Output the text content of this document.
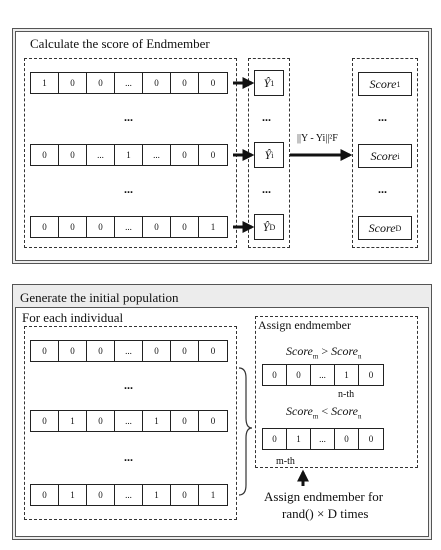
Calculate the score of Endmember
1	0	0	...	0	0	0
...
0	0	...	1	...	0	0
...
0	0	0	...	0	0	1
Ŷ 1
...
Ŷ i
...
Ŷ D
||Y - Yi||²F
Score 1
...
Score i
...
Score D
Generate the initial population
For each individual
0	0	0	...	0	0	0
...
0	1	0	...	1	0	0
...
0	1	0	...	1	0	1
Assign endmember
Score$_m$ > Score$_n$
0	0	...	1	0
n-th
Score$_m$ < Score$_n$
0	1	...	0	0
m-th
Assign endmember for
rand() × D times
